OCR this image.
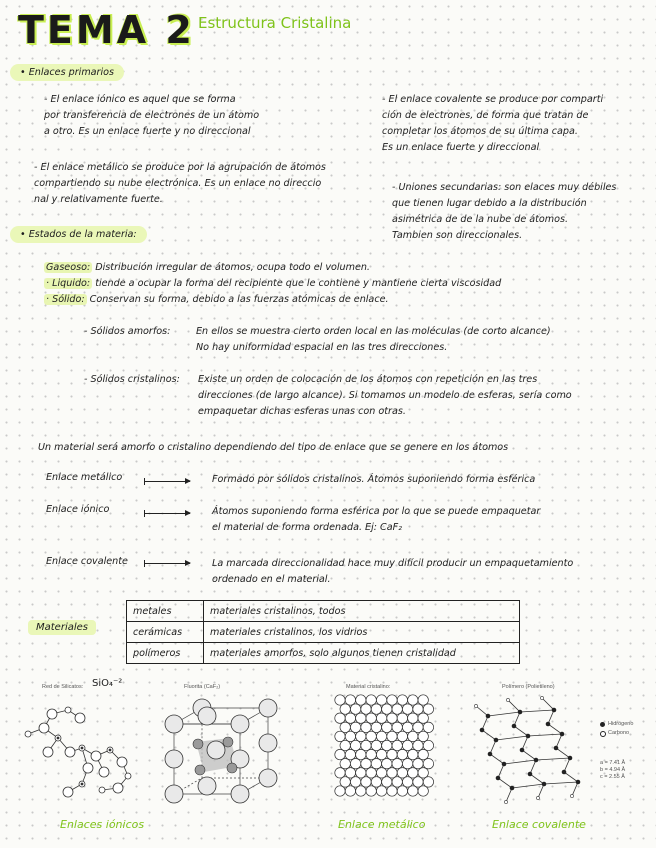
TEMA 2 Estructura Cristalina
• Enlaces primarios
- El enlace iónico es aquel que se forma
por transferencia de electrones de un átomo
a otro. Es un enlace fuerte y no direccional
- El enlace covalente se produce por comparti
ción de electrones, de forma que tratan de
completar los átomos de su última capa.
Es un enlace fuerte y direccional
- El enlace metálico se produce por la agrupación de átomos
compartiendo su nube electrónica. Es un enlace no direccio
nal y relativamente fuerte.
- Uniones secundarias: son elaces muy débiles
que tienen lugar debido a la distribución
asimétrica de de la nube de átomos.
Tambien son direccionales.
• Estados de la materia:
Gaseoso: Distribución irregular de átomos, ocupa todo el volumen.
· Liquido: tiende a ocupar la forma del recipiente que le contiene y mantiene cierta viscosidad
· Sólido: Conservan su forma, debido a las fuerzas atómicas de enlace.
- Sólidos amorfos:	En ellos se muestra cierto orden local en las moléculas (de corto alcance)
No hay uniformidad espacial en las tres direcciones.
- Sólidos cristalinos: Existe un orden de colocación de los átomos con repetición en las tres
direcciones (de largo alcance). Si tomamos un modelo de esferas, sería como
empaquetar dichas esferas unas con otras.
Un material será amorfo o cristalino dependiendo del tipo de enlace que se genere en los átomos
Enlace metálico	Formado por sólidos cristalinos. Átomos suponiendo forma esférica
Enlace iónico	Átomos suponiendo forma esférica por lo que se puede empaquetar
el material de forma ordenada. Ej: CaF₂
Enlace covalente	La marcada direccionalidad hace muy difícil producir un empaquetamiento
ordenado en el material.
Materiales
metales	materiales cristalinos, todos
cerámicas	materiales cristalinos, los vidrios
polímeros	materiales amorfos, solo algunos tienen cristalidad
Red de Silicatos: SiO₄⁻²	Fluorita (CaF₂)	Material cristalino:	Polímero (Polietileno)
Hidrógeno
Carbono
a = 7.41 Å
b = 4.94 Å
c = 2.55 Å
Enlaces iónicos	Enlace metálico	Enlace covalente
